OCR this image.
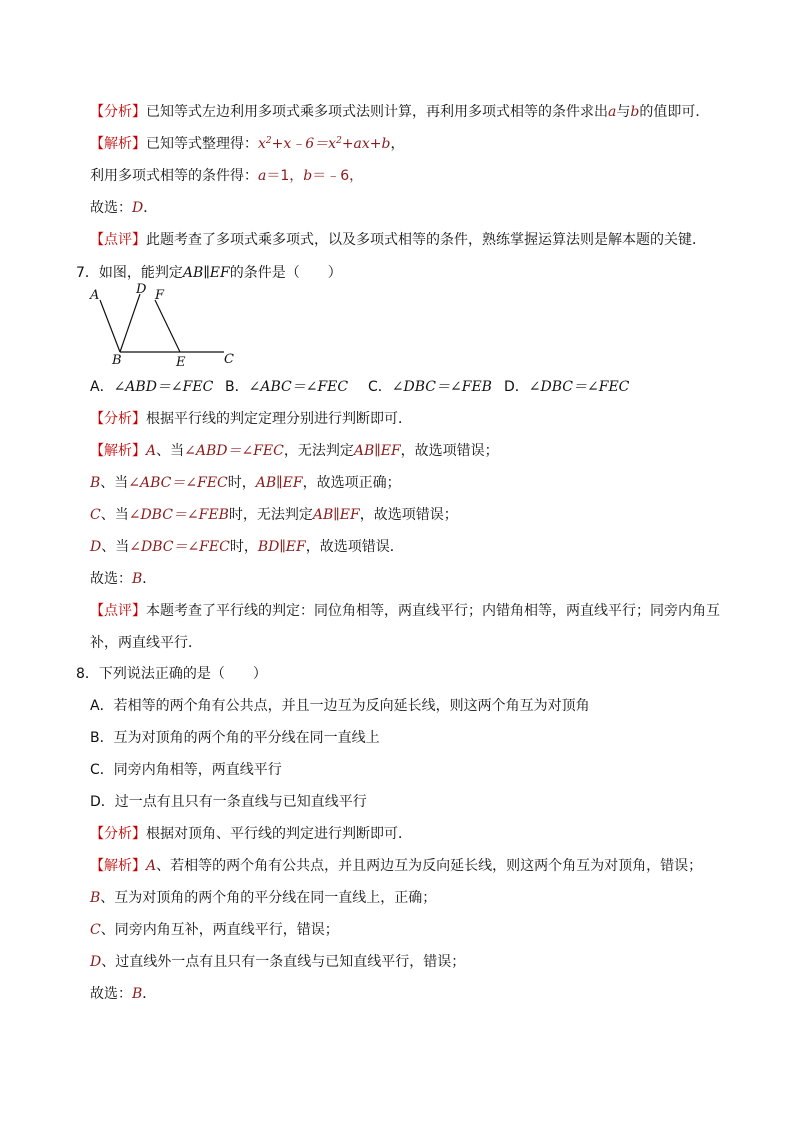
【分析】已知等式左边利用多项式乘多项式法则计算，再利用多项式相等的条件求出a与b的值即可．
【解析】已知等式整理得：$x^2+x﹣6=x^2+ax+b$，
利用多项式相等的条件得：a＝1，b＝﹣6，
故选：D．
【点评】此题考查了多项式乘多项式，以及多项式相等的条件，熟练掌握运算法则是解本题的关键．
7．如图，能判定AB∥EF的条件是（　　）
A	D F
B	E	C
A．∠ABD＝∠FEC B．∠ABC＝∠FEC C．∠DBC＝∠FEB D．∠DBC＝∠FEC
【分析】根据平行线的判定定理分别进行判断即可．
【解析】A、当∠ABD＝∠FEC，无法判定AB∥EF，故选项错误；
B、当∠ABC＝∠FEC时，AB∥EF，故选项正确；
C、当∠DBC＝∠FEB时，无法判定AB∥EF，故选项错误；
D、当∠DBC＝∠FEC时，BD∥EF，故选项错误．
故选：B．
【点评】本题考查了平行线的判定：同位角相等，两直线平行；内错角相等，两直线平行；同旁内角互
补，两直线平行．
8．下列说法正确的是（　　）
A．若相等的两个角有公共点，并且一边互为反向延长线，则这两个角互为对顶角
B．互为对顶角的两个角的平分线在同一直线上
C．同旁内角相等，两直线平行
D．过一点有且只有一条直线与已知直线平行
【分析】根据对顶角、平行线的判定进行判断即可．
【解析】A、若相等的两个角有公共点，并且两边互为反向延长线，则这两个角互为对顶角，错误；
B、互为对顶角的两个角的平分线在同一直线上，正确；
C、同旁内角互补，两直线平行，错误；
D、过直线外一点有且只有一条直线与已知直线平行，错误；
故选：B．
